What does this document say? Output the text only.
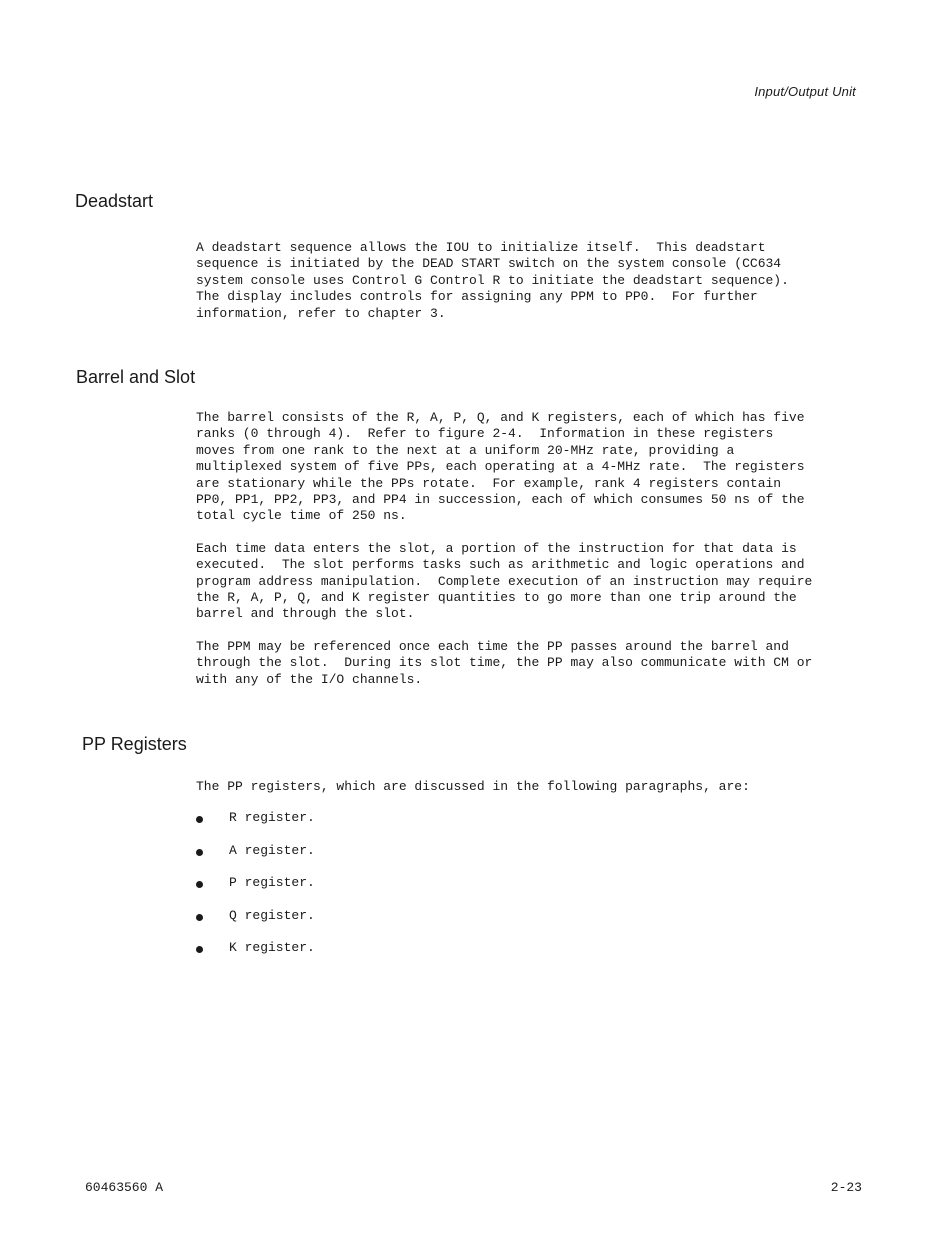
Input/Output Unit
Deadstart

A deadstart sequence allows the IOU to initialize itself.  This deadstart

sequence is initiated by the DEAD START switch on the system console (CC634

system console uses Control G Control R to initiate the deadstart sequence).

The display includes controls for assigning any PPM to PP0.  For further

information, refer to chapter 3.

Barrel and Slot

The barrel consists of the R, A, P, Q, and K registers, each of which has five

ranks (0 through 4).  Refer to figure 2-4.  Information in these registers

moves from one rank to the next at a uniform 20-MHz rate, providing a

multiplexed system of five PPs, each operating at a 4-MHz rate.  The registers

are stationary while the PPs rotate.  For example, rank 4 registers contain

PP0, PP1, PP2, PP3, and PP4 in succession, each of which consumes 50 ns of the

total cycle time of 250 ns.

Each time data enters the slot, a portion of the instruction for that data is

executed.  The slot performs tasks such as arithmetic and logic operations and

program address manipulation.  Complete execution of an instruction may require

the R, A, P, Q, and K register quantities to go more than one trip around the

barrel and through the slot.

The PPM may be referenced once each time the PP passes around the barrel and

through the slot.  During its slot time, the PP may also communicate with CM or

with any of the I/O channels.

PP Registers

The PP registers, which are discussed in the following paragraphs, are:

R register.
A register.
P register.
Q register.
K register.
60463560 A	2-23
